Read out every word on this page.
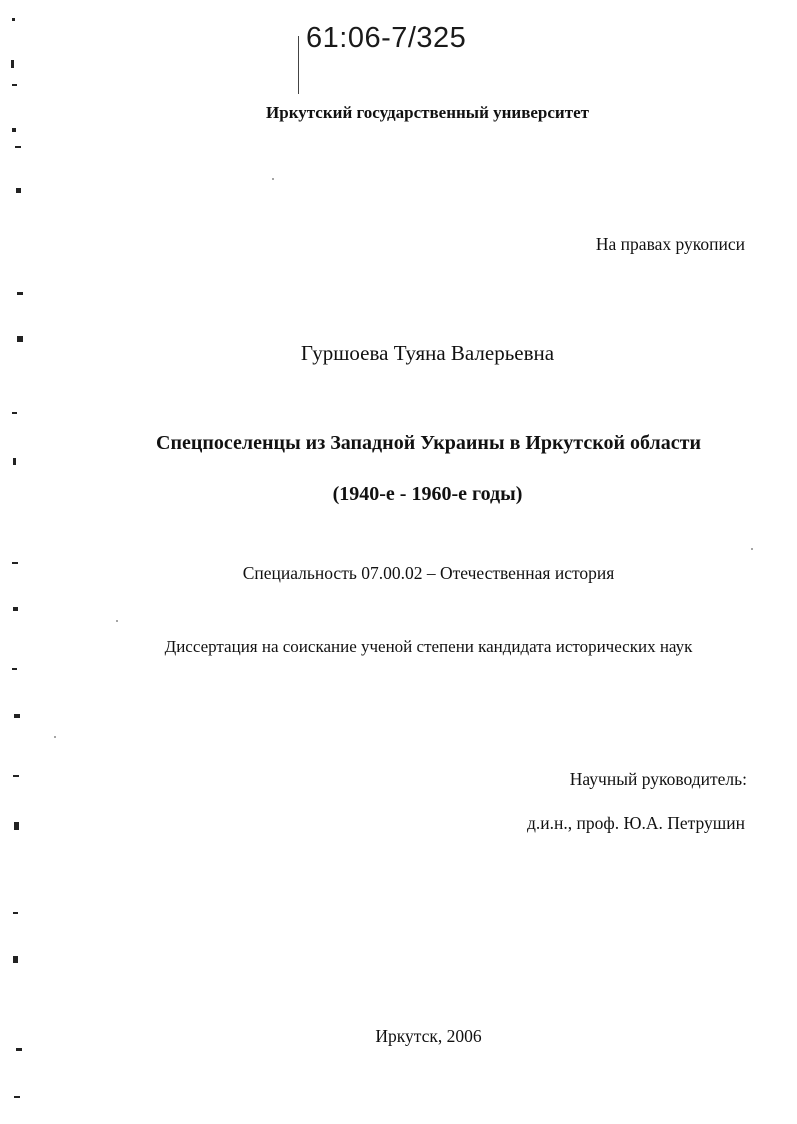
61:06-7/325
Иркутский государственный университет
На правах рукописи
Гуршоева Туяна Валерьевна
Спецпоселенцы из Западной Украины в Иркутской области
(1940-е - 1960-е годы)
Специальность 07.00.02 – Отечественная история
Диссертация на соискание ученой степени кандидата исторических наук
Научный руководитель:
д.и.н., проф. Ю.А. Петрушин
Иркутск, 2006
